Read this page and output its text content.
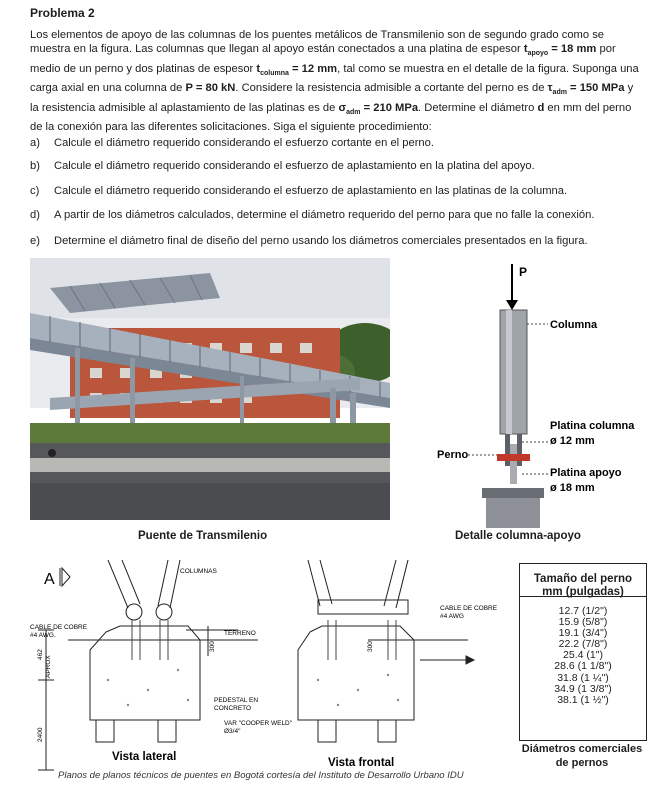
Problema 2
Los elementos de apoyo de las columnas de los puentes metálicos de Transmilenio son de segundo grado como se muestra en la figura. Las columnas que llegan al apoyo están conectados a una platina de espesor $t_{apoyo} = 18$ mm por medio de un perno y dos platinas de espesor $t_{columna} = 12$ mm, tal como se muestra en el detalle de la figura. Suponga una carga axial en una columna de P = 80 kN. Considere la resistencia admisible a cortante del perno es de $\tau_{adm} = 150$ MPa y la resistencia admisible al aplastamiento de las platinas es de $\sigma_{adm} = 210$ MPa. Determine el diámetro d en mm del perno de la conexión para las diferentes solicitaciones. Siga el siguiente procedimiento:
a) Calcule el diámetro requerido considerando el esfuerzo cortante en el perno.
b) Calcule el diámetro requerido considerando el esfuerzo de aplastamiento en la platina del apoyo.
c) Calcule el diámetro requerido considerando el esfuerzo de aplastamiento en las platinas de la columna.
d) A partir de los diámetros calculados, determine el diámetro requerido del perno para que no falle la conexión.
e) Determine el diámetro final de diseño del perno usando los diámetros comerciales presentados en la figura.
Puente de Transmilenio
P
Columna
Platina columna
ø 12 mm
Perno
Platina apoyo
ø 18 mm
Detalle columna-apoyo
A	COLUMNAS
CABLE DE COBRE
#4 AWG.	TERRENO
462
APROX
PEDESTAL EN
CONCRETO
VAR "COOPER WELD"
Ø3/4"
300	300
2400
CABLE DE COBRE
#4 AWG
Vista lateral	Vista frontal
Tamaño del perno
mm (pulgadas)
12.7 (1/2")
15.9 (5/8")
19.1 (3/4")
22.2 (7/8")
25.4 (1")
28.6 (1 1/8")
31.8 (1 ¼")
34.9 (1 3/8")
38.1 (1 ½")
Diámetros comerciales
de pernos
Planos de planos técnicos de puentes en Bogotá cortesía del Instituto de Desarrollo Urbano IDU
